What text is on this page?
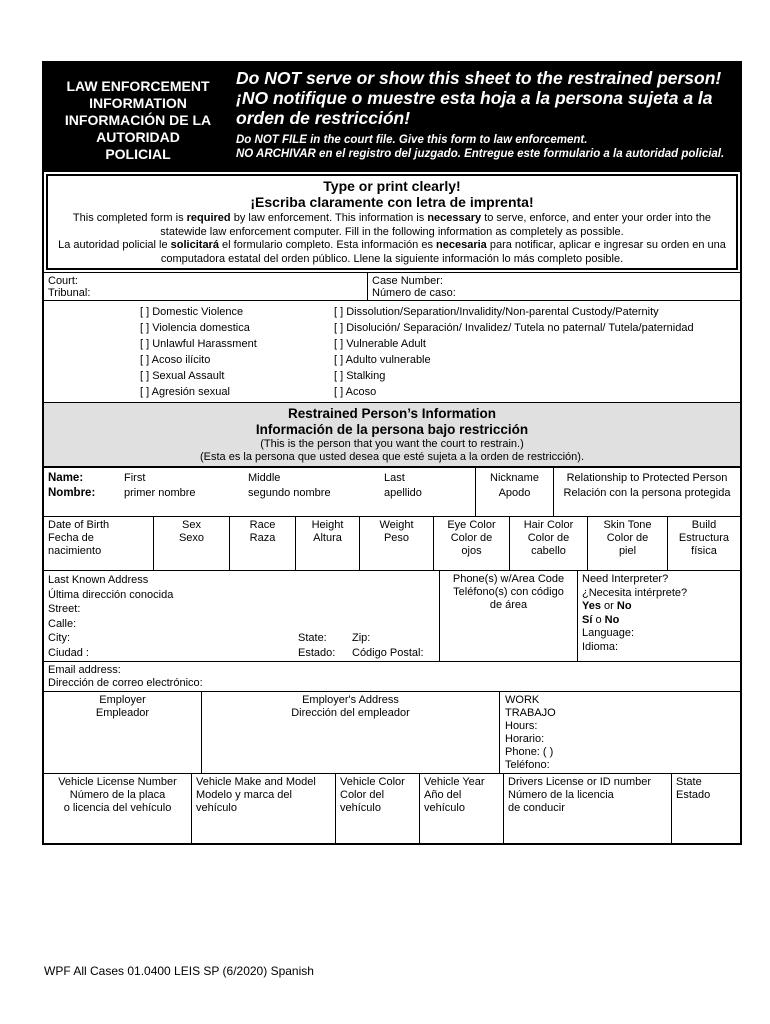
LAW ENFORCEMENT
INFORMATION
INFORMACIÓN DE LA
AUTORIDAD
POLICIAL
Do NOT serve or show this sheet to the restrained person!
¡NO notifique o muestre esta hoja a la persona sujeta a la orden de restricción!
Do NOT FILE in the court file. Give this form to law enforcement.
NO ARCHIVAR en el registro del juzgado. Entregue este formulario a la autoridad policial.
Type or print clearly!
¡Escriba claramente con letra de imprenta!
This completed form is required by law enforcement. This information is necessary to serve, enforce, and enter your order into the statewide law enforcement computer. Fill in the following information as completely as possible.
La autoridad policial le solicitará el formulario completo. Esta información es necesaria para notificar, aplicar e ingresar su orden en una computadora estatal del orden público. Llene la siguiente información lo más completo posible.
Court:
Tribunal:
Case Number:
Número de caso:
[ ] Domestic Violence
[ ] Violencia domestica
[ ] Unlawful Harassment
[ ] Acoso ilícito
[ ] Sexual Assault
[ ] Agresión sexual
[ ] Dissolution/Separation/Invalidity/Non-parental Custody/Paternity
[ ] Disolución/ Separación/ Invalidez/ Tutela no paternal/ Tutela/paternidad
[ ] Vulnerable Adult
[ ] Adulto vulnerable
[ ] Stalking
[ ] Acoso
Restrained Person’s Information
Información de la persona bajo restricción
(This is the person that you want the court to restrain.)
(Esta es la persona que usted desea que esté sujeta a la orden de restricción).
Name:
Nombre:
First
primer nombre
Middle
segundo nombre
Last
apellido
Nickname
Apodo
Relationship to Protected Person
Relación con la persona protegida
Date of Birth
Fecha de
nacimiento
Sex
Sexo
Race
Raza
Height
Altura
Weight
Peso
Eye Color
Color de
ojos
Hair Color
Color de
cabello
Skin Tone
Color de
piel
Build
Estructura física
Last Known Address
Última dirección conocida
Street:
Calle:
City:
Ciudad :
State:
Estado:
Zip:
Código Postal:
Phone(s) w/Area Code
Teléfono(s) con código
de área
Need Interpreter?
¿Necesita intérprete?
Yes or No
Sí o No
Language:
Idioma:
Email address:
Dirección de correo electrónico:
Employer
Empleador
Employer's Address
Dirección del empleador
WORK
TRABAJO
Hours:
Horario:
Phone: ( )
Teléfono:
Vehicle License Number
Número de la placa
o licencia del vehículo
Vehicle Make and Model
Modelo y marca del
vehículo
Vehicle Color
Color del
vehículo
Vehicle Year
Año del
vehículo
Drivers License or ID number
Número de la licencia
de conducir
State
Estado
WPF All Cases 01.0400 LEIS SP (6/2020) Spanish
